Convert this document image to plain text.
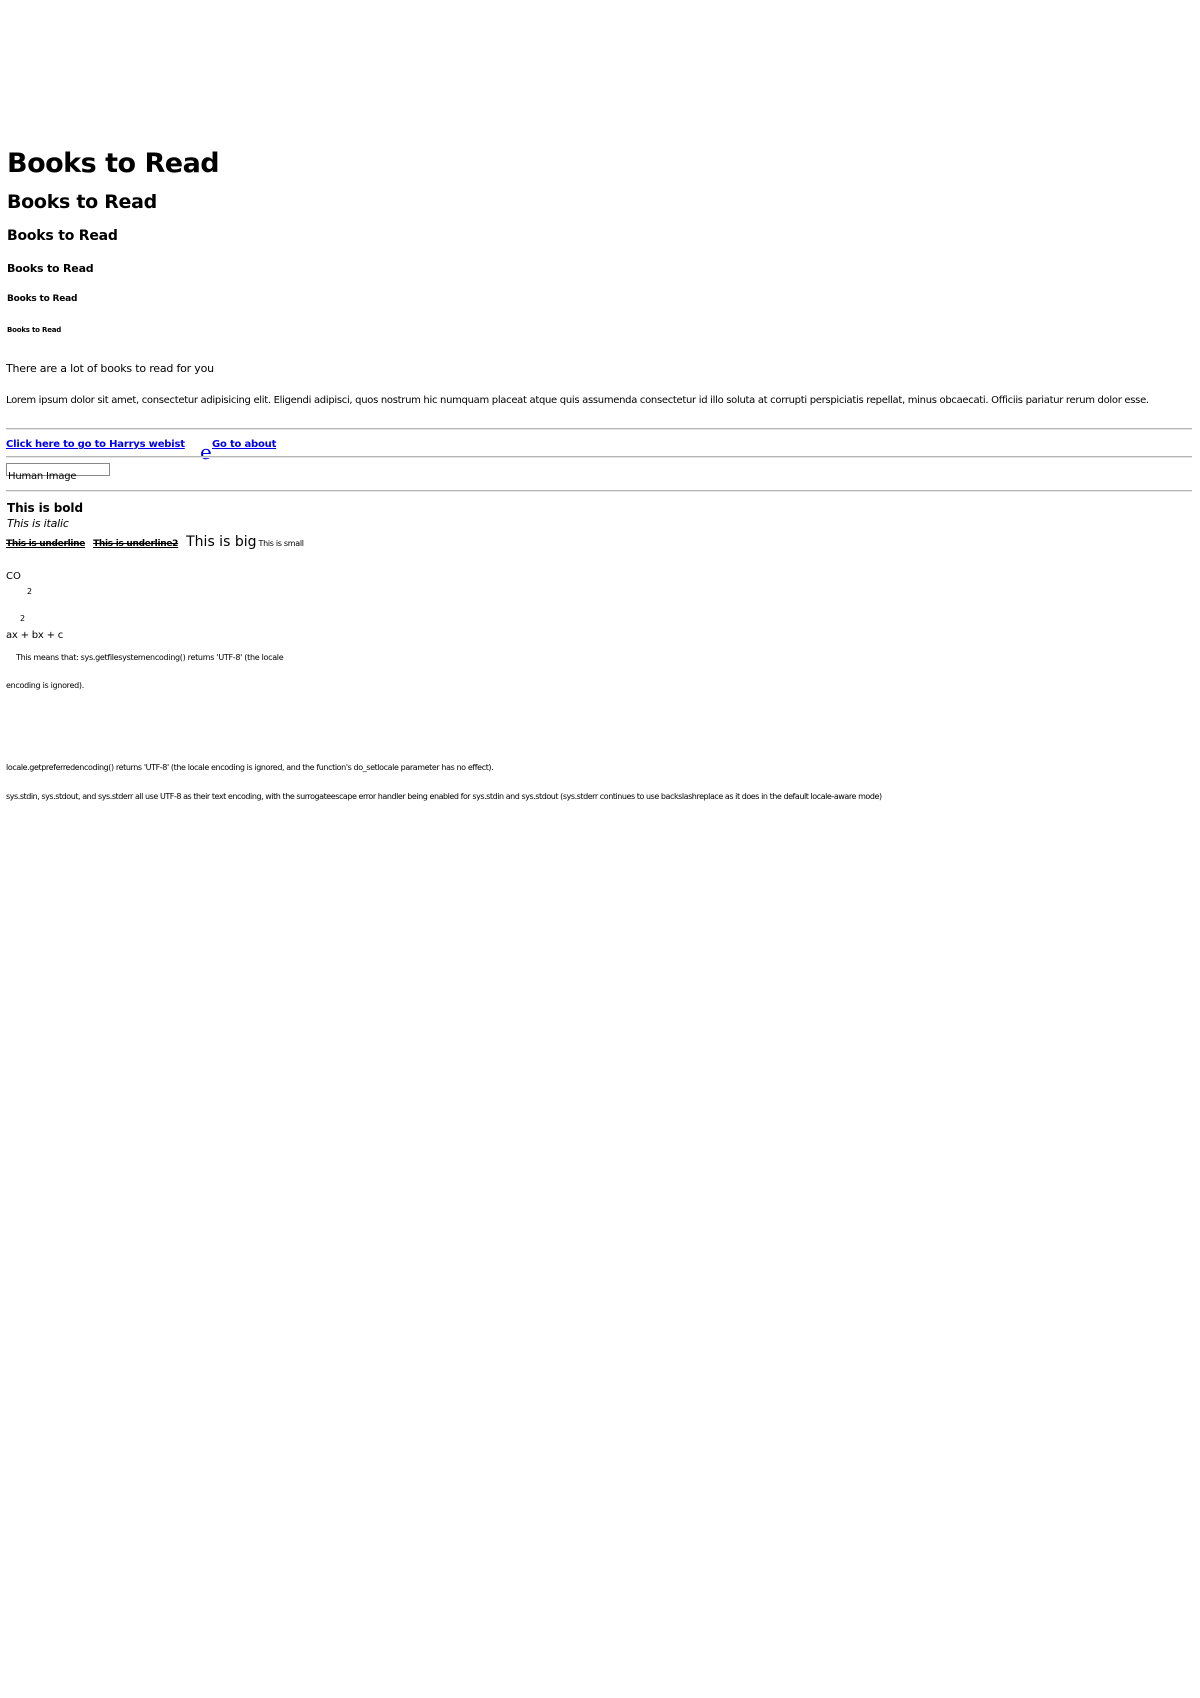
Books to Read
Books to Read
Books to Read
Books to Read
Books to Read
Books to Read
There are a lot of books to read for you
Lorem ipsum dolor sit amet, consectetur adipisicing elit. Eligendi adipisci, quos nostrum hic numquam placeat atque quis assumenda consectetur id illo soluta at corrupti perspiciatis repellat, minus obcaecati. Officiis pariatur rerum dolor esse.
Click here to go to Harrys webist e Go to about
Human Image
This is bold
This is italic
This is underline This is underline2 This is big This is small
CO
2
2
ax + bx + c
This means that: sys.getfilesystemencoding() returns 'UTF-8' (the locale
encoding is ignored).
locale.getpreferredencoding() returns 'UTF-8' (the locale encoding is ignored, and the function's do_setlocale parameter has no effect).
sys.stdin, sys.stdout, and sys.stderr all use UTF-8 as their text encoding, with the surrogateescape error handler being enabled for sys.stdin and sys.stdout (sys.stderr continues to use backslashreplace as it does in the default locale-aware mode)
